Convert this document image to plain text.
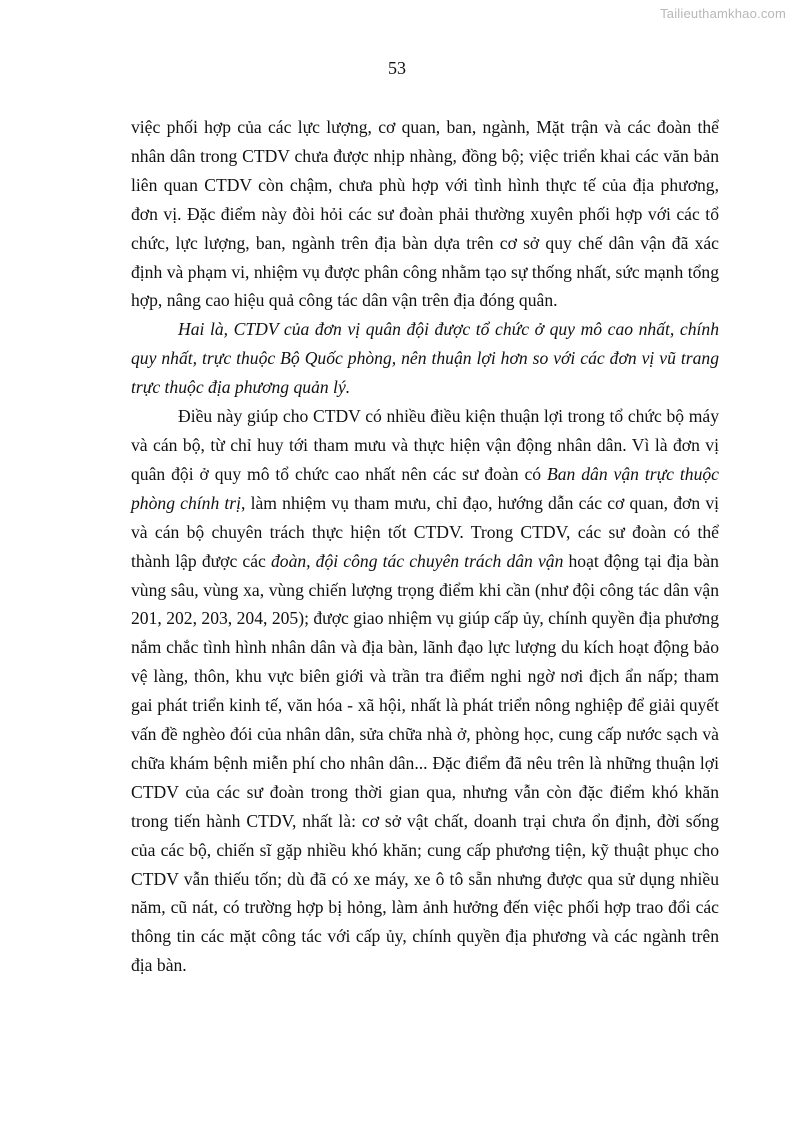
Tailieuthamkhao.com
53

việc phối hợp của các lực lượng, cơ quan, ban, ngành, Mặt trận và các đoàn thể nhân dân trong CTDV chưa được nhịp nhàng, đồng bộ; việc triển khai các văn bản liên quan CTDV còn chậm, chưa phù hợp với tình hình thực tế của địa phương, đơn vị. Đặc điểm này đòi hỏi các sư đoàn phải thường xuyên phối hợp với các tổ chức, lực lượng, ban, ngành trên địa bàn dựa trên cơ sở quy chế dân vận đã xác định và phạm vi, nhiệm vụ được phân công nhằm tạo sự thống nhất, sức mạnh tổng hợp, nâng cao hiệu quả công tác dân vận trên địa đóng quân.

Hai là, CTDV của đơn vị quân đội được tổ chức ở quy mô cao nhất, chính quy nhất, trực thuộc Bộ Quốc phòng, nên thuận lợi hơn so với các đơn vị vũ trang trực thuộc địa phương quản lý.

Điều này giúp cho CTDV có nhiều điều kiện thuận lợi trong tổ chức bộ máy và cán bộ, từ chỉ huy tới tham mưu và thực hiện vận động nhân dân. Vì là đơn vị quân đội ở quy mô tổ chức cao nhất nên các sư đoàn có Ban dân vận trực thuộc phòng chính trị, làm nhiệm vụ tham mưu, chỉ đạo, hướng dẫn các cơ quan, đơn vị và cán bộ chuyên trách thực hiện tốt CTDV. Trong CTDV, các sư đoàn có thể thành lập được các đoàn, đội công tác chuyên trách dân vận hoạt động tại địa bàn vùng sâu, vùng xa, vùng chiến lượng trọng điểm khi cần (như đội công tác dân vận 201, 202, 203, 204, 205); được giao nhiệm vụ giúp cấp ủy, chính quyền địa phương nắm chắc tình hình nhân dân và địa bàn, lãnh đạo lực lượng du kích hoạt động bảo vệ làng, thôn, khu vực biên giới và trần tra điểm nghi ngờ nơi địch ẩn nấp; tham gai phát triển kinh tế, văn hóa - xã hội, nhất là phát triển nông nghiệp để giải quyết vấn đề nghèo đói của nhân dân, sửa chữa nhà ở, phòng học, cung cấp nước sạch và chữa khám bệnh miễn phí cho nhân dân... Đặc điểm đã nêu trên là những thuận lợi CTDV của các sư đoàn trong thời gian qua, nhưng vẫn còn đặc điểm khó khăn trong tiến hành CTDV, nhất là: cơ sở vật chất, doanh trại chưa ổn định, đời sống của các bộ, chiến sĩ gặp nhiều khó khăn; cung cấp phương tiện, kỹ thuật phục cho CTDV vẫn thiếu tốn; dù đã có xe máy, xe ô tô sẵn nhưng được qua sử dụng nhiều năm, cũ nát, có trường hợp bị hỏng, làm ảnh hưởng đến việc phối hợp trao đổi các thông tin các mặt công tác với cấp ủy, chính quyền địa phương và các ngành trên địa bàn.
